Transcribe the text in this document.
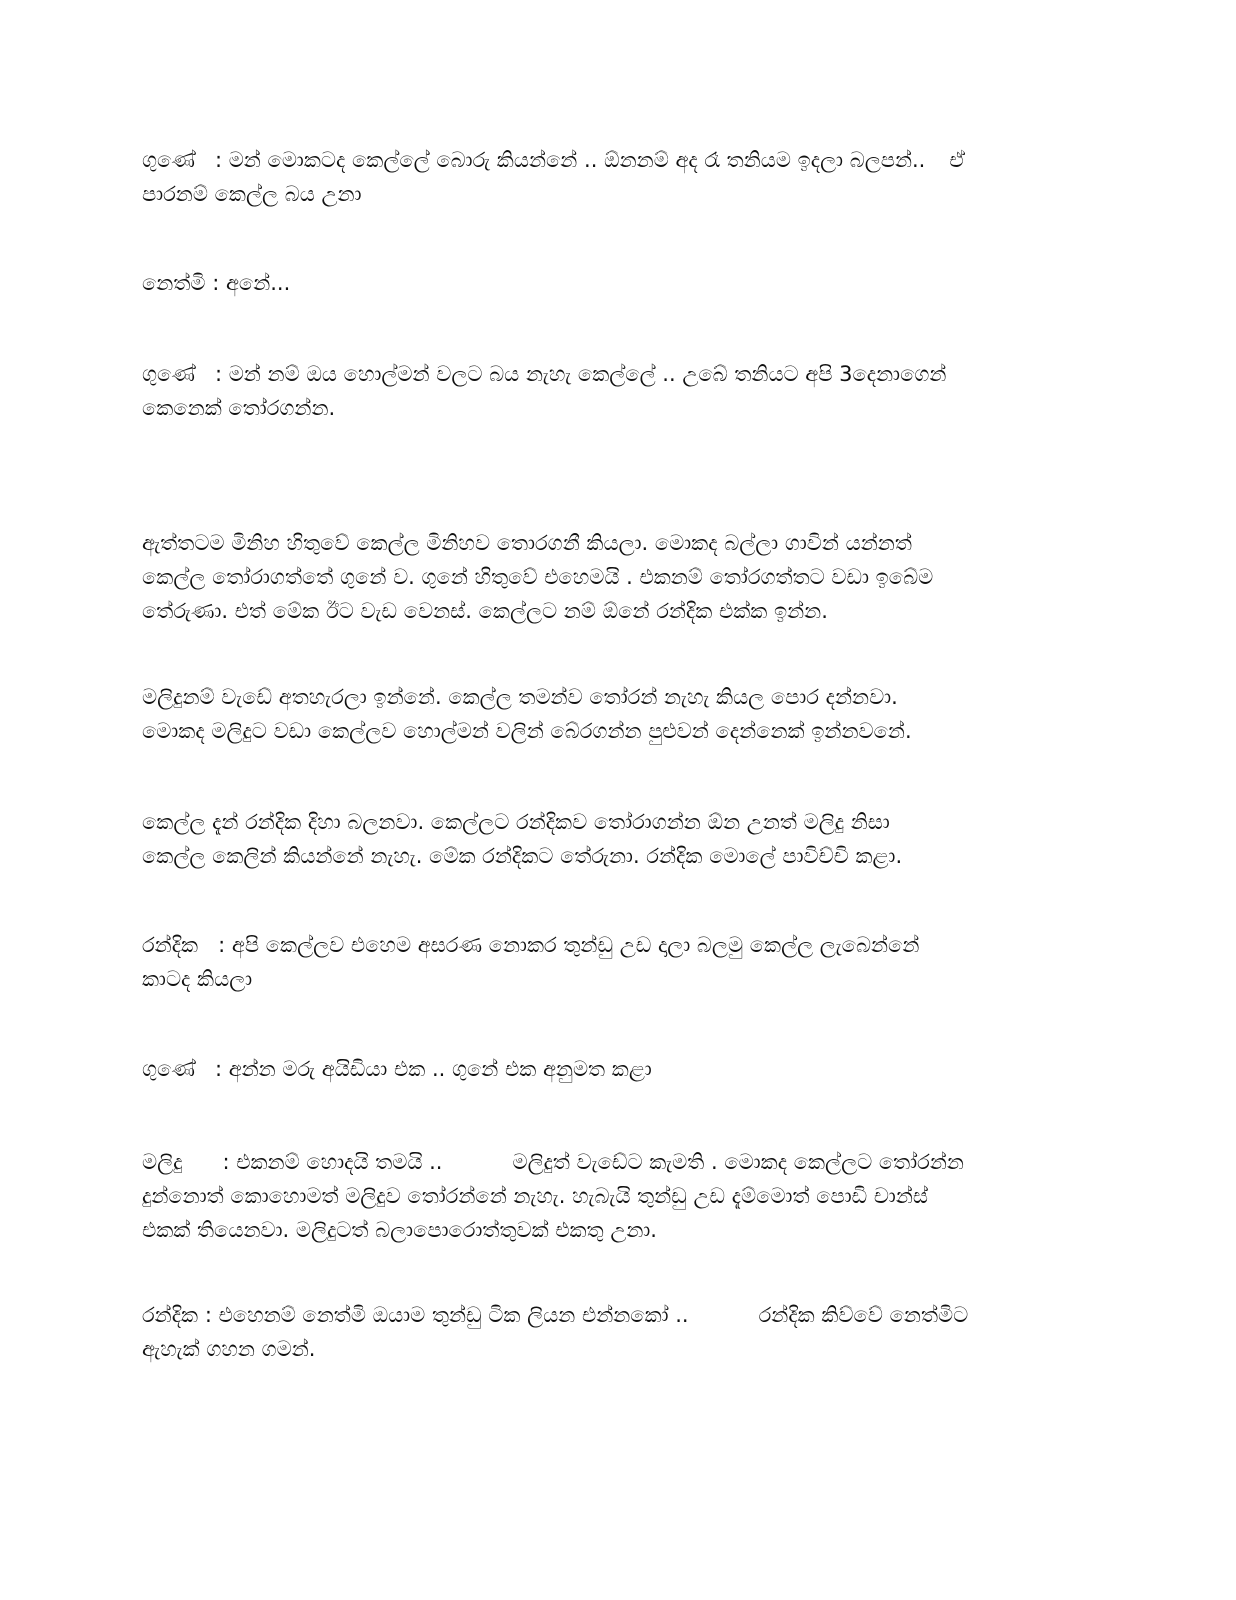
ගුණේ : මන් මොකටද කෙල්ලේ බොරු කියන්නේ .. ඕනනම් අද රෑ තනියම ඉදලා බලපන්.. ඒ
පාරනම් කෙල්ල බය උනා

නෙත්මි : අනේ...

ගුණේ : මන් නම් ඔය හොල්මන් වලට බය නැහැ කෙල්ලේ .. උබේ තනියට අපි 3දෙනාගෙන්
කෙනෙක් තෝරගන්න.

ඇත්තටම මිනිහ හිතුවේ කෙල්ල මිනිහව තොරගනී කියලා. මොකද බල්ලා ගාවින් යන්නත්
කෙල්ල තෝරාගත්තේ ගුනේ ව. ගුනේ හිතුවේ එහෙමයි . එකනම් තෝරගත්තට වඩා ඉබේම
තේරුණා. එත් මේක ඊට වැඩ වෙනස්. කෙල්ලට නම් ඕනේ රන්දික එක්ක ඉන්න.

මලිදුනම් වැඩේ අතහැරලා ඉන්නේ. කෙල්ල තමන්ව තෝරන් නැහැ කියල පොර දන්නවා.
මොකද මලිදුට වඩා කෙල්ලව හොල්මන් වලින් බේරගන්න පුළුවන් දෙන්නෙක් ඉන්නවනේ.

කෙල්ල දැන් රන්දික දිහා බලනවා. කෙල්ලට රන්දිකව තෝරාගන්න ඕන උනත් මලිදු නිසා
කෙල්ල කෙලින් කියන්නේ නැහැ. මේක රන්දිකට තේරුනා. රන්දික මොලේ පාවිච්චි කළා.

රන්දික : අපි කෙල්ලව එහෙම අසරණ නොකර තුන්ඩු උඩ දාලා බලමු කෙල්ල ලැබෙන්නේ
කාටද කියලා

ගුණේ : අන්න මරු අයිඩියා එක .. ගුනේ එක අනුමත කළා

මලිදු : එකනම් හොදයි තමයි ..	මලිදුත් වැඩේට කැමති . මොකද කෙල්ලට තෝරන්න
දුන්නොත් කොහොමත් මලිදුව තෝරන්නේ නැහැ. හැබැයි තුන්ඩු උඩ දැම්මොත් පොඩි චාන්ස්
එකක් තියෙනවා. මලිදුටත් බලාපොරොත්තුවක් එකතු උනා.

රන්දික : එහෙනම් නෙත්මි ඔයාම තුන්ඩු ටික ලියන එන්නකෝ ..	රන්දික කිව්වේ නෙත්මිට
ඇහැක් ගහන ගමන්.
